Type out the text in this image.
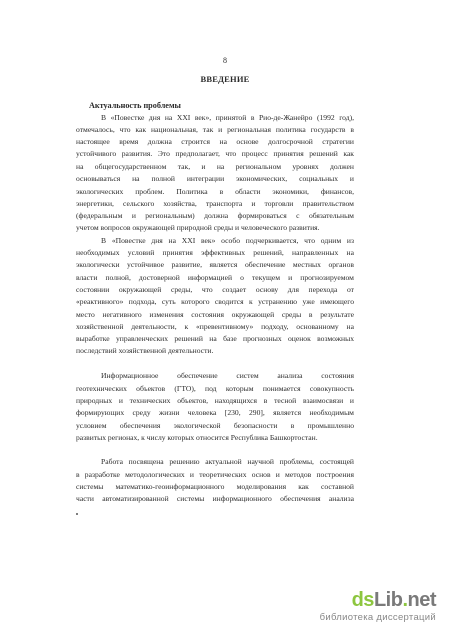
8
ВВЕДЕНИЕ
Актуальность проблемы
В «Повестке дня на XXI век», принятой в Рио-де-Жанейро (1992 год),
отмечалось, что как национальная, так и региональная политика государств в
настоящее время должна строится на основе долгосрочной стратегии
устойчивого развития. Это предполагает, что процесс принятия решений как
на общегосударственном так, и на региональном уровнях должен
основываться на полной интеграции экономических, социальных и
экологических проблем. Политика в области экономики, финансов,
энергетики, сельского хозяйства, транспорта и торговли правительством
(федеральным и региональным) должна формироваться с обязательным
учетом вопросов окружающей природной среды и человеческого развития.
В «Повестке дня на XXI век» особо подчеркивается, что одним из
необходимых условий принятия эффективных решений, направленных на
экологически устойчивое развитие, является обеспечение местных органов
власти полной, достоверной информацией о текущем и прогнозируемом
состоянии окружающей среды, что создает основу для перехода от
«реактивного» подхода, суть которого сводится к устранению уже имеющего
место негативного изменения состояния окружающей среды в результате
хозяйственной деятельности, к «превентивному» подходу, основанному на
выработке управленческих решений на базе прогнозных оценок возможных
последствий хозяйственной деятельности.
Информационное обеспечение систем анализа состояния
геотехнических объектов (ГТО), под которым понимается совокупность
природных и технических объектов, находящихся в тесной взаимосвязи и
формирующих среду жизни человека [230, 290], является необходимым
условием обеспечения экологической безопасности в промышленно
развитых регионах, к числу которых относится Республика Башкортостан.
Работа посвящена решению актуальной научной проблемы, состоящей
в разработке методологических и теоретических основ и методов построения
системы математико-геоинформационного моделирования как составной
части автоматизированной системы информационного обеспечения анализа
dsLib.net
библиотека диссертаций
